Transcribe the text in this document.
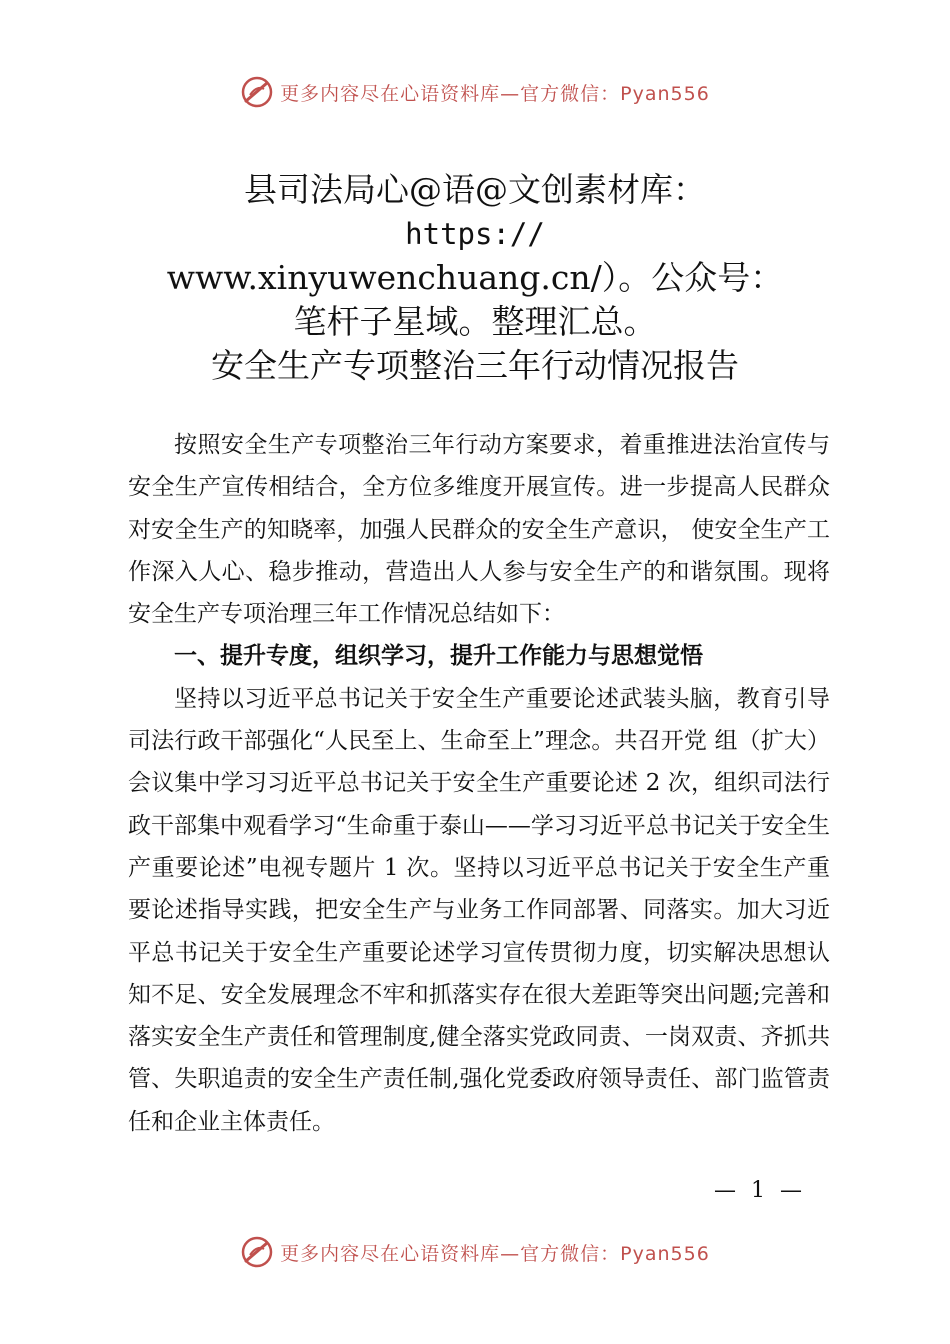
更多内容尽在心语资料库—官方微信：Pyan556
县司法局心@语@文创素材库：
https://
www.xinyuwenchuang.cn/）。公众号：
笔杆子星域。整理汇总。
安全生产专项整治三年行动情况报告

按照安全生产专项整治三年行动方案要求，着重推进法治宣传与安全生产宣传相结合，全方位多维度开展宣传。进一步提高人民群众对安全生产的知晓率，加强人民群众的安全生产意识， 使安全生产工作深入人心、稳步推动，营造出人人参与安全生产的和谐氛围。现将安全生产专项治理三年工作情况总结如下：

一、提升专度，组织学习，提升工作能力与思想觉悟

坚持以习近平总书记关于安全生产重要论述武装头脑，教育引导司法行政干部强化“人民至上、生命至上”理念。共召开党 组（扩大）会议集中学习习近平总书记关于安全生产重要论述 2 次，组织司法行政干部集中观看学习“生命重于泰山——学习习近平总书记关于安全生产重要论述”电视专题片 1 次。坚持以习近平总书记关于安全生产重要论述指导实践，把安全生产与业务工作同部署、同落实。加大习近平总书记关于安全生产重要论述学习宣传贯彻力度，切实解决思想认知不足、安全发展理念不牢和抓落实存在很大差距等突出问题;完善和落实安全生产责任和管理制度,健全落实党政同责、一岗双责、齐抓共管、失职追责的安全生产责任制,强化党委政府领导责任、部门监管责任和企业主体责任。

— 1 —
更多内容尽在心语资料库—官方微信：Pyan556
